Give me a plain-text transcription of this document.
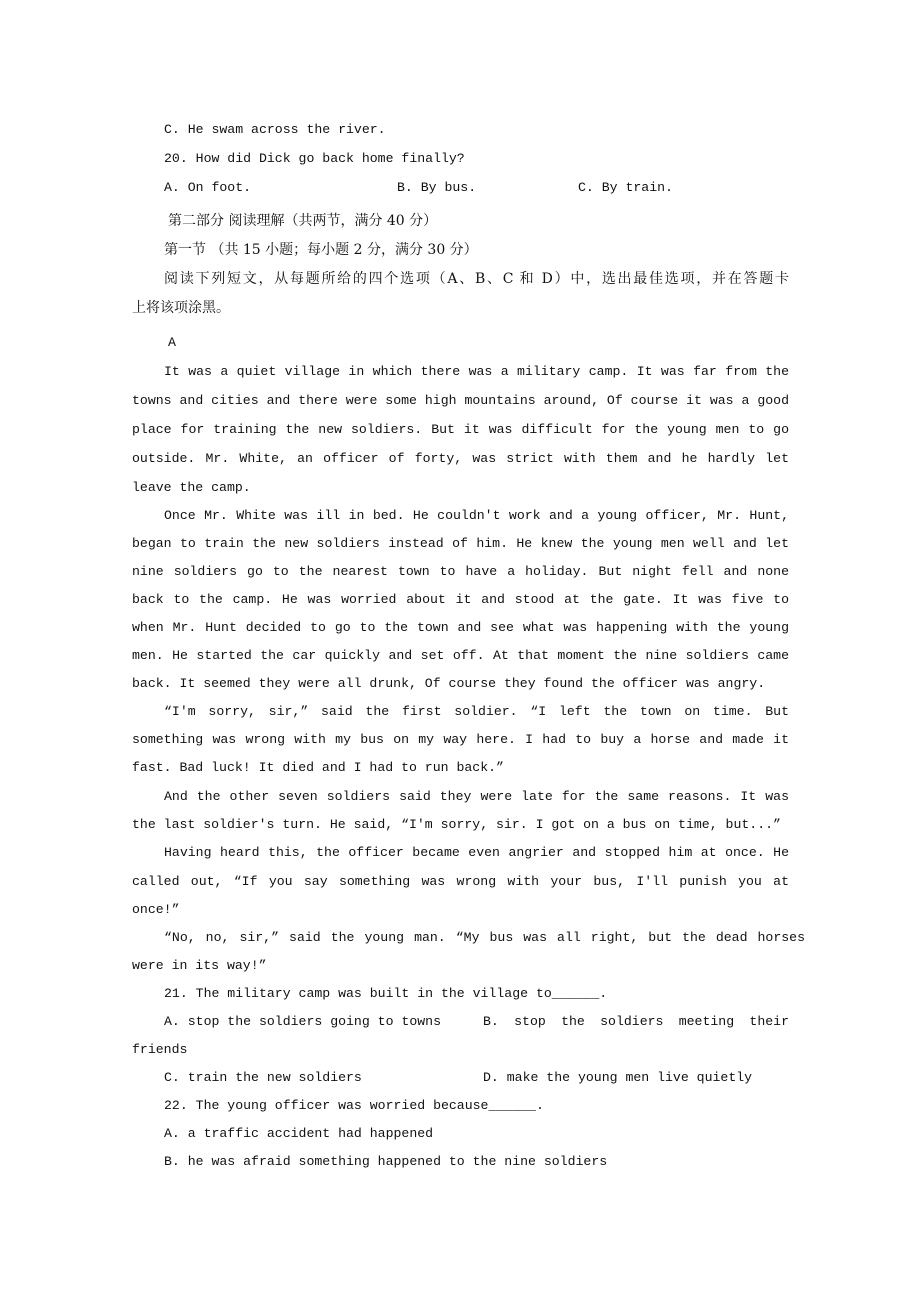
C. He swam across the river.
20. How did Dick go back home finally?
A. On foot.	B. By bus.	C. By train.
第二部分 阅读理解（共两节，满分 40 分）
第一节 （共 15 小题；每小题 2 分，满分 30 分）
阅读下列短文，从每题所给的四个选项（A、B、C 和 D）中，选出最佳选项，并在答题卡
上将该项涂黑。
A
It was a quiet village in which there was a military camp. It was far from the
towns and cities and there were some high mountains around, Of course it was a good
place for training the new soldiers. But it was difficult for the young men to go
outside. Mr. White, an officer of forty, was strict with them and he hardly let
leave the camp.
Once Mr. White was ill in bed. He couldn't work and a young officer, Mr. Hunt,
began to train the new soldiers instead of him. He knew the young men well and let
nine soldiers go to the nearest town to have a holiday. But night fell and none
back to the camp. He was worried about it and stood at the gate. It was five to
when Mr. Hunt decided to go to the town and see what was happening with the young
men. He started the car quickly and set off. At that moment the nine soldiers came
back. It seemed they were all drunk, Of course they found the officer was angry.
“I'm sorry, sir,” said the first soldier. “I left the town on time. But
something was wrong with my bus on my way here. I had to buy a horse and made it
fast. Bad luck! It died and I had to run back.”
And the other seven soldiers said they were late for the same reasons. It was
the last soldier's turn. He said, “I'm sorry, sir. I got on a bus on time, but...”
Having heard this, the officer became even angrier and stopped him at once. He
called out, “If you say something was wrong with your bus, I'll punish you at
once!”
“No, no, sir,” said the young man. “My bus was all right, but the dead horses
were in its way!”
21. The military camp was built in the village to______.
A. stop the soldiers going to towns	B. stop the soldiers meeting their
friends
C. train the new soldiers	D. make the young men live quietly
22. The young officer was worried because______.
A. a traffic accident had happened
B. he was afraid something happened to the nine soldiers
